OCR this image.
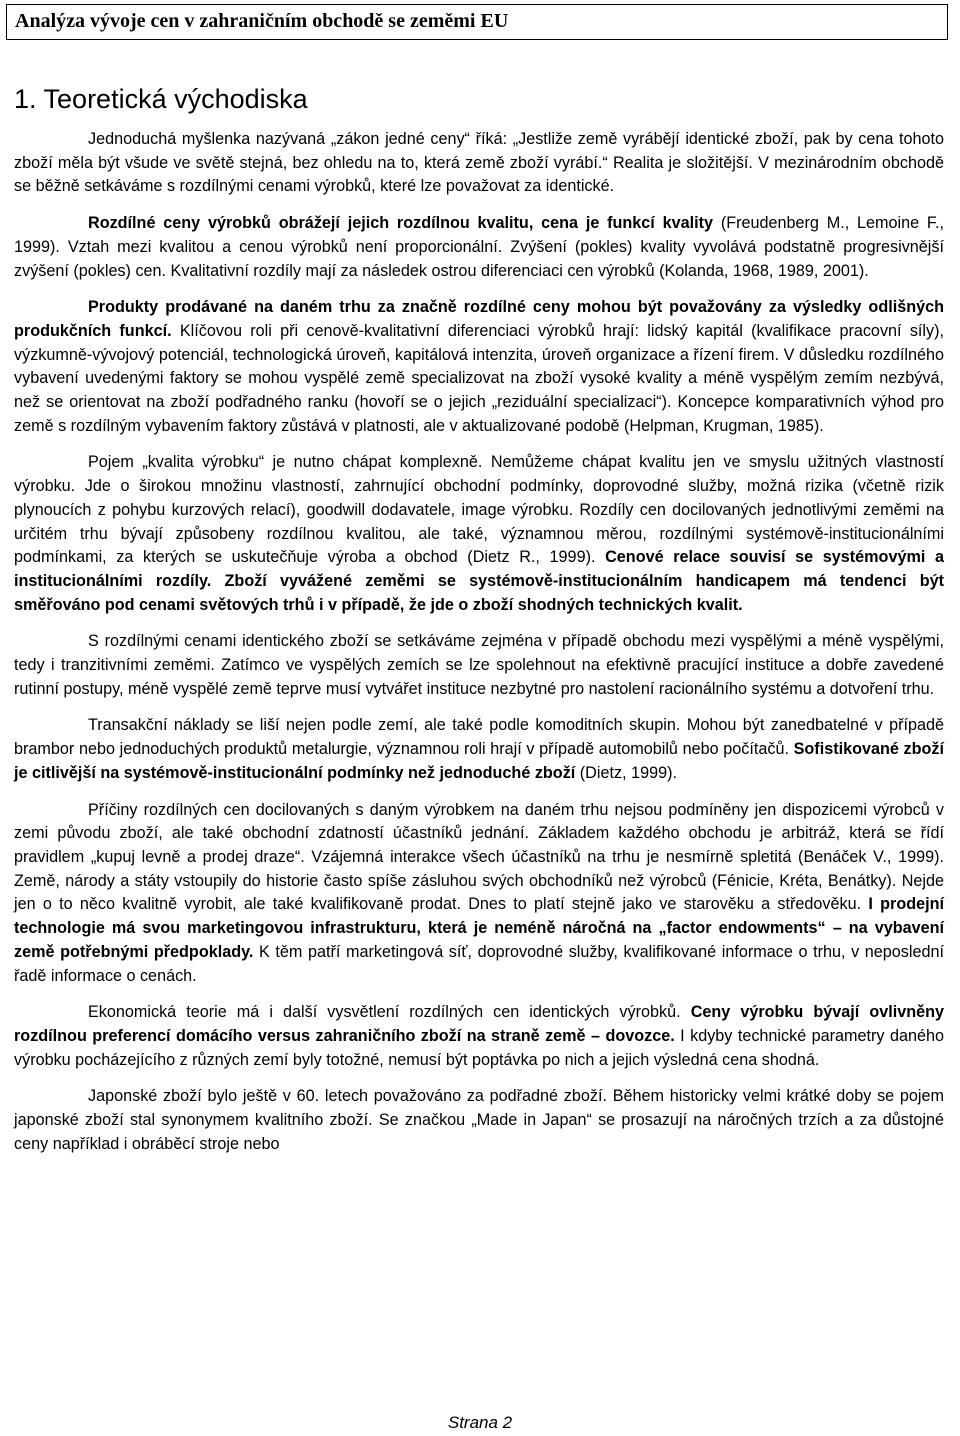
Analýza vývoje cen v zahraničním obchodě se zeměmi EU
1. Teoretická východiska

Jednoduchá myšlenka nazývaná „zákon jedné ceny“ říká: „Jestliže země vyrábějí identické zboží, pak by cena tohoto zboží měla být všude ve světě stejná, bez ohledu na to, která země zboží vyrábí.“ Realita je složitější. V mezinárodním obchodě se běžně setkáváme s rozdílnými cenami výrobků, které lze považovat za identické.

Rozdílné ceny výrobků obrážejí jejich rozdílnou kvalitu, cena je funkcí kvality (Freudenberg M., Lemoine F., 1999). Vztah mezi kvalitou a cenou výrobků není proporcionální. Zvýšení (pokles) kvality vyvolává podstatně progresivnější zvýšení (pokles) cen. Kvalitativní rozdíly mají za následek ostrou diferenciaci cen výrobků (Kolanda, 1968, 1989, 2001).

Produkty prodávané na daném trhu za značně rozdílné ceny mohou být považovány za výsledky odlišných produkčních funkcí. Klíčovou roli při cenově-kvalitativní diferenciaci výrobků hrají: lidský kapitál (kvalifikace pracovní síly), výzkumně-vývojový potenciál, technologická úroveň, kapitálová intenzita, úroveň organizace a řízení firem. V důsledku rozdílného vybavení uvedenými faktory se mohou vyspělé země specializovat na zboží vysoké kvality a méně vyspělým zemím nezbývá, než se orientovat na zboží podřadného ranku (hovoří se o jejich „reziduální specializaci“). Koncepce komparativních výhod pro země s rozdílným vybavením faktory zůstává v platnosti, ale v aktualizované podobě (Helpman, Krugman, 1985).

Pojem „kvalita výrobku“ je nutno chápat komplexně. Nemůžeme chápat kvalitu jen ve smyslu užitných vlastností výrobku. Jde o širokou množinu vlastností, zahrnující obchodní podmínky, doprovodné služby, možná rizika (včetně rizik plynoucích z pohybu kurzových relací), goodwill dodavatele, image výrobku. Rozdíly cen docilovaných jednotlivými zeměmi na určitém trhu bývají způsobeny rozdílnou kvalitou, ale také, významnou měrou, rozdílnými systémově-institucionálními podmínkami, za kterých se uskutečňuje výroba a obchod (Dietz R., 1999). Cenové relace souvisí se systémovými a institucionálními rozdíly. Zboží vyvážené zeměmi se systémově-institucionálním handicapem má tendenci být směřováno pod cenami světových trhů i v případě, že jde o zboží shodných technických kvalit.

S rozdílnými cenami identického zboží se setkáváme zejména v případě obchodu mezi vyspělými a méně vyspělými, tedy i tranzitivními zeměmi. Zatímco ve vyspělých zemích se lze spolehnout na efektivně pracující instituce a dobře zavedené rutinní postupy, méně vyspělé země teprve musí vytvářet instituce nezbytné pro nastolení racionálního systému a dotvoření trhu.

Transakční náklady se liší nejen podle zemí, ale také podle komoditních skupin. Mohou být zanedbatelné v případě brambor nebo jednoduchých produktů metalurgie, významnou roli hrají v případě automobilů nebo počítačů. Sofistikované zboží je citlivější na systémově-institucionální podmínky než jednoduché zboží (Dietz, 1999).

Příčiny rozdílných cen docilovaných s daným výrobkem na daném trhu nejsou podmíněny jen dispozicemi výrobců v zemi původu zboží, ale také obchodní zdatností účastníků jednání. Základem každého obchodu je arbitráž, která se řídí pravidlem „kupuj levně a prodej draze“. Vzájemná interakce všech účastníků na trhu je nesmírně spletitá (Benáček V., 1999). Země, národy a státy vstoupily do historie často spíše zásluhou svých obchodníků než výrobců (Fénicie, Kréta, Benátky). Nejde jen o to něco kvalitně vyrobit, ale také kvalifikovaně prodat. Dnes to platí stejně jako ve starověku a středověku. I prodejní technologie má svou marketingovou infrastrukturu, která je neméně náročná na „factor endowments“ – na vybavení země potřebnými předpoklady. K těm patří marketingová síť, doprovodné služby, kvalifikované informace o trhu, v neposlední řadě informace o cenách.

Ekonomická teorie má i další vysvětlení rozdílných cen identických výrobků. Ceny výrobku bývají ovlivněny rozdílnou preferencí domácího versus zahraničního zboží na straně země – dovozce. I kdyby technické parametry daného výrobku pocházejícího z různých zemí byly totožné, nemusí být poptávka po nich a jejich výsledná cena shodná.

Japonské zboží bylo ještě v 60. letech považováno za podřadné zboží. Během historicky velmi krátké doby se pojem japonské zboží stal synonymem kvalitního zboží. Se značkou „Made in Japan“ se prosazují na náročných trzích a za důstojné ceny například i obráběcí stroje nebo

Strana 2
